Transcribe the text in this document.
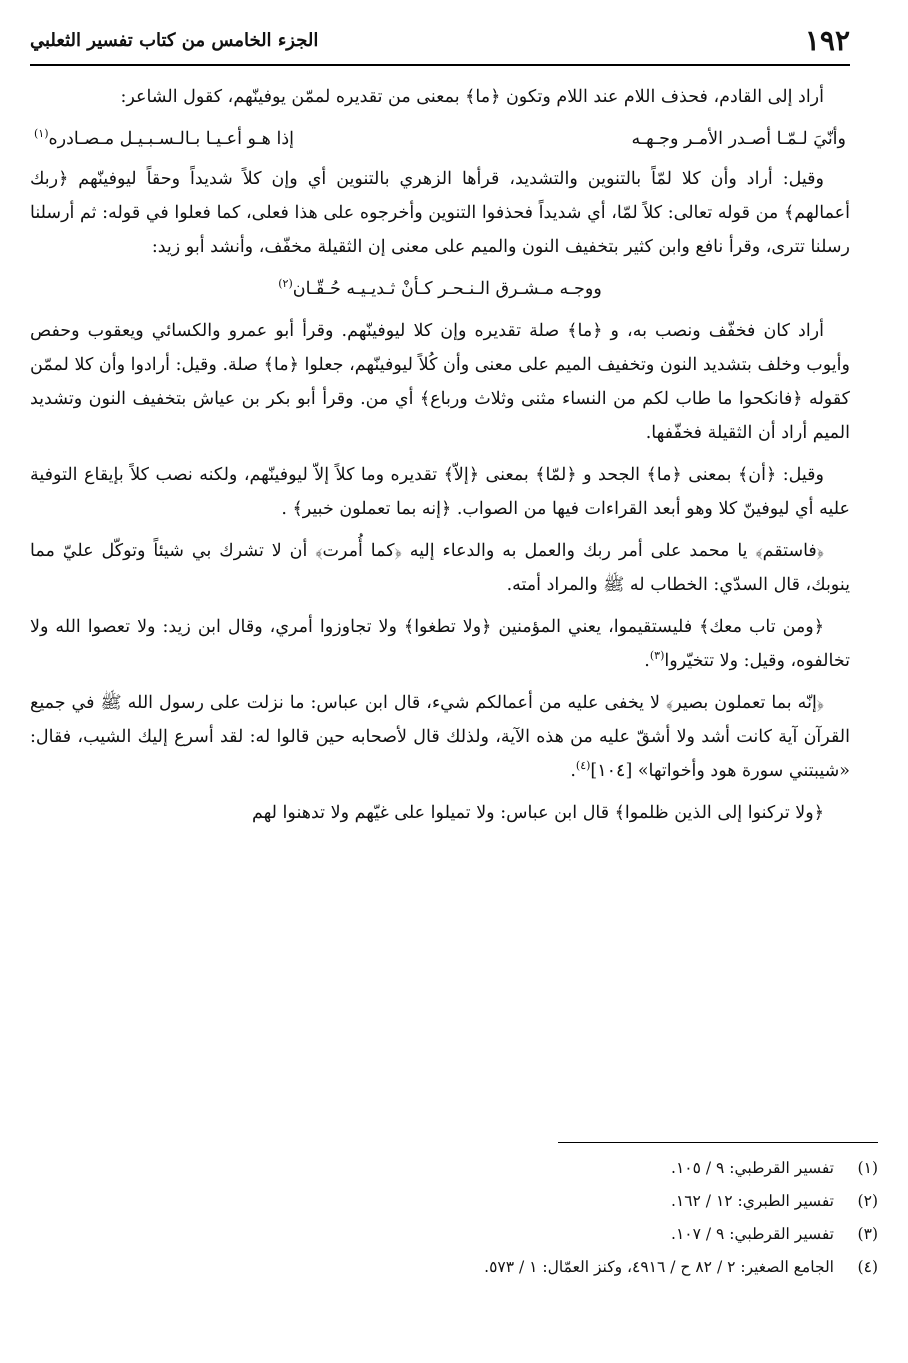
١٩٢
الجزء الخامس من كتاب تفسير الثعلبي

أراد إلى القادم، فحذف اللام عند اللام وتكون ﴿ما﴾ بمعنى من تقديره لممّن يوفينّهم، كقول الشاعر:

وأنّيَ لـمّـا أصـدر الأمـر وجـهـه
إذا هـو أعـيـا بـالـسـبـيـل مـصـادره$^{(١)}$

وقيل: أراد وأن كلا لمّاً بالتنوين والتشديد، قرأها الزهري بالتنوين أي وإن كلاً شديداً وحقاً ليوفينّهم ﴿ربك أعمالهم﴾ من قوله تعالى: كلاً لمّا، أي شديداً فحذفوا التنوين وأخرجوه على هذا فعلى، كما فعلوا في قوله: ثم أرسلنا رسلنا تترى، وقرأ نافع وابن كثير بتخفيف النون والميم على معنى إن الثقيلة مخفّف، وأنشد أبو زيد:

ووجـه مـشـرق الـنـحـر كـأنْ ثـديـيـه حُـقّـان$^{(٢)}$

أراد كان فخفّف ونصب به، و ﴿ما﴾ صلة تقديره وإن كلا ليوفينّهم. وقرأ أبو عمرو والكسائي ويعقوب وحفص وأيوب وخلف بتشديد النون وتخفيف الميم على معنى وأن كُلاً ليوفينّهم، جعلوا ﴿ما﴾ صلة. وقيل: أرادوا وأن كلا لممّن كقوله ﴿فانكحوا ما طاب لكم من النساء مثنى وثلاث ورباع﴾ أي من. وقرأ أبو بكر بن عياش بتخفيف النون وتشديد الميم أراد أن الثقيلة فخفّفها.

وقيل: ﴿أن﴾ بمعنى ﴿ما﴾ الجحد و ﴿لمّا﴾ بمعنى ﴿إلاّ﴾ تقديره وما كلاً إلاّ ليوفينّهم، ولكنه نصب كلاً بإيقاع التوفية عليه أي ليوفينّ كلا وهو أبعد القراءات فيها من الصواب. ﴿إنه بما تعملون خبير﴾ .

﴿فاستقم﴾ يا محمد على أمر ربك والعمل به والدعاء إليه ﴿كما أُمرت﴾ أن لا تشرك بي شيئاً وتوكّل عليّ مما ينوبك، قال السدّي: الخطاب له ﷺ والمراد أمته.

﴿ومن تاب معك﴾ فليستقيموا، يعني المؤمنين ﴿ولا تطغوا﴾ ولا تجاوزوا أمري، وقال ابن زيد: ولا تعصوا الله ولا تخالفوه، وقيل: ولا تتخيّروا$^{(٣)}$.

﴿إنّه بما تعملون بصير﴾ لا يخفى عليه من أعمالكم شيء، قال ابن عباس: ما نزلت على رسول الله ﷺ في جميع القرآن آية كانت أشد ولا أشقّ عليه من هذه الآية، ولذلك قال لأصحابه حين قالوا له: لقد أسرع إليك الشيب، فقال: «شيبتني سورة هود وأخواتها» [١٠٤]$^{(٤)}$.

﴿ولا تركنوا إلى الذين ظلموا﴾ قال ابن عباس: ولا تميلوا على غيّهم ولا تدهنوا لهم

(١)
تفسير القرطبي: ٩ / ١٠٥.
(٢)
تفسير الطبري: ١٢ / ١٦٢.
(٣)
تفسير القرطبي: ٩ / ١٠٧.
(٤)
الجامع الصغير: ٢ / ٨٢ ح / ٤٩١٦، وكنز العمّال: ١ / ٥٧٣.
